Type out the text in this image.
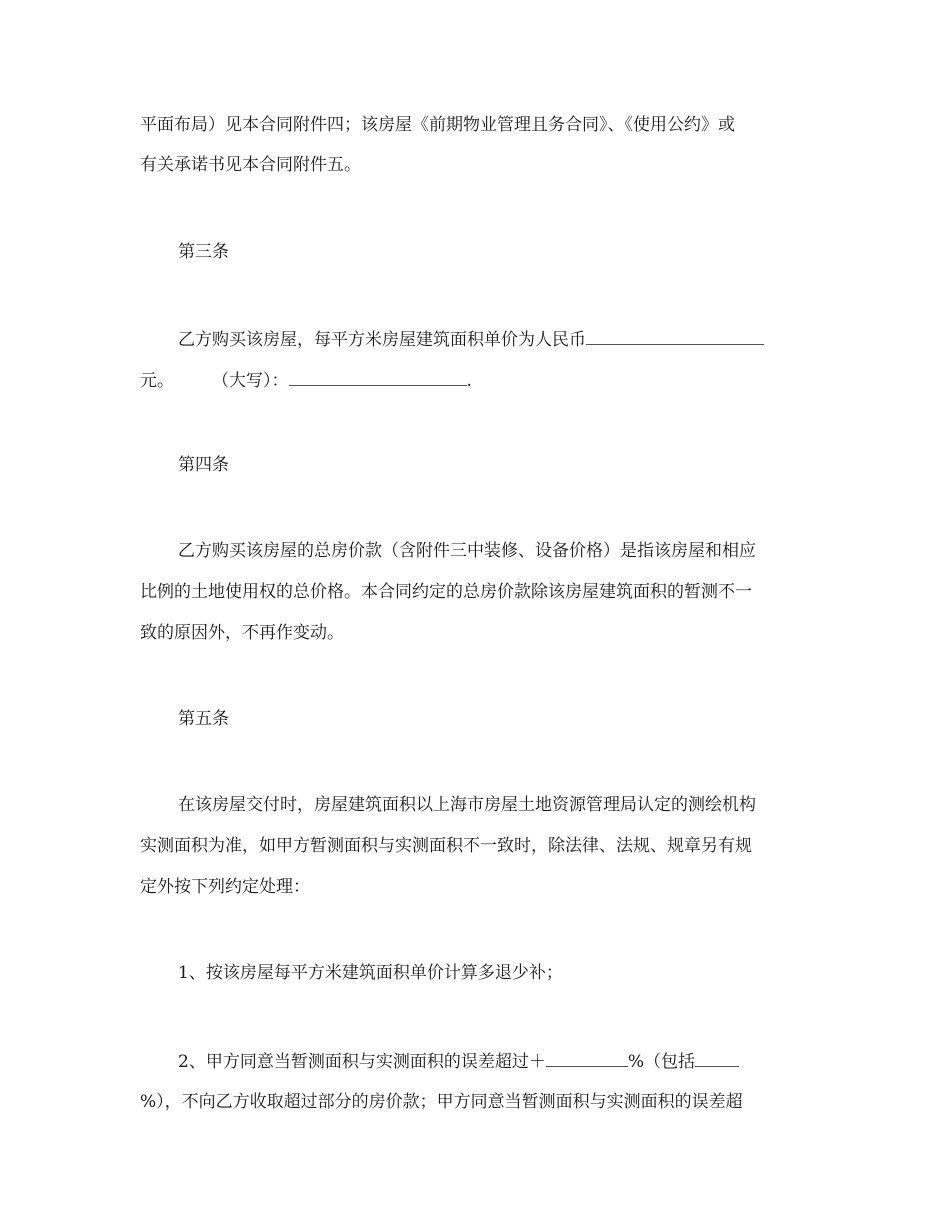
平面布局）见本合同附件四；该房屋《前期物业管理且务合同》、《使用公约》或
有关承诺书见本合同附件五。
第三条
乙方购买该房屋，每平方米房屋建筑面积单价为人民币
元。 （大写）：	.
第四条
乙方购买该房屋的总房价款（含附件三中装修、设备价格）是指该房屋和相应
比例的土地使用权的总价格。本合同约定的总房价款除该房屋建筑面积的暂测不一
致的原因外，不再作变动。
第五条
在该房屋交付时，房屋建筑面积以上海市房屋土地资源管理局认定的测绘机构
实测面积为准，如甲方暂测面积与实测面积不一致时，除法律、法规、规章另有规
定外按下列约定处理：
1、按该房屋每平方米建筑面积单价计算多退少补；
2、甲方同意当暂测面积与实测面积的误差超过＋	%（包括
%），不向乙方收取超过部分的房价款；甲方同意当暂测面积与实测面积的误差超
